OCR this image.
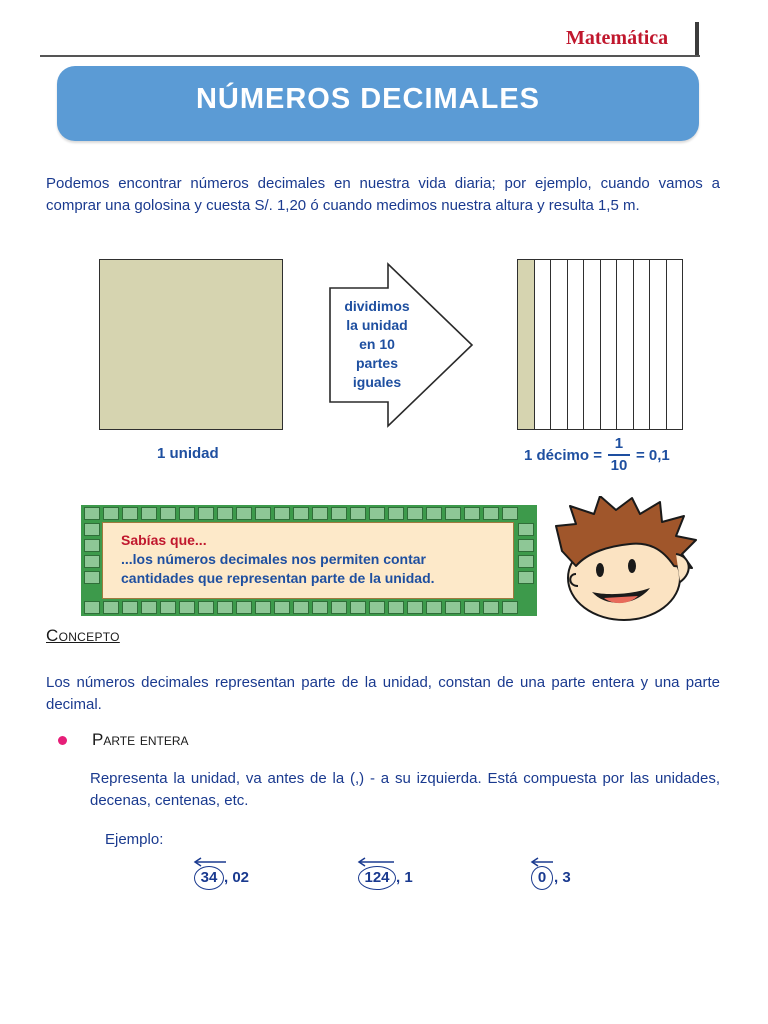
Matemática
NÚMEROS DECIMALES
Podemos encontrar números decimales en nuestra vida diaria; por ejemplo, cuando vamos a comprar una golosina y cuesta S/. 1,20 ó cuando medimos nuestra altura y resulta 1,5 m.
1 unidad
dividimos
la unidad
en 10
partes
iguales
1 décimo = $\frac{1}{10} = 0,1$
Sabías que...
...los números decimales nos permiten contar
cantidades que representan parte de la unidad.
Concepto
Los números decimales representan parte de la unidad, constan de una parte entera y una parte decimal.
Parte entera
Representa la unidad, va antes de la (,) - a su izquierda. Está compuesta por las unidades, decenas, centenas, etc.
Ejemplo:
34 , 02	124 , 1	0 , 3
